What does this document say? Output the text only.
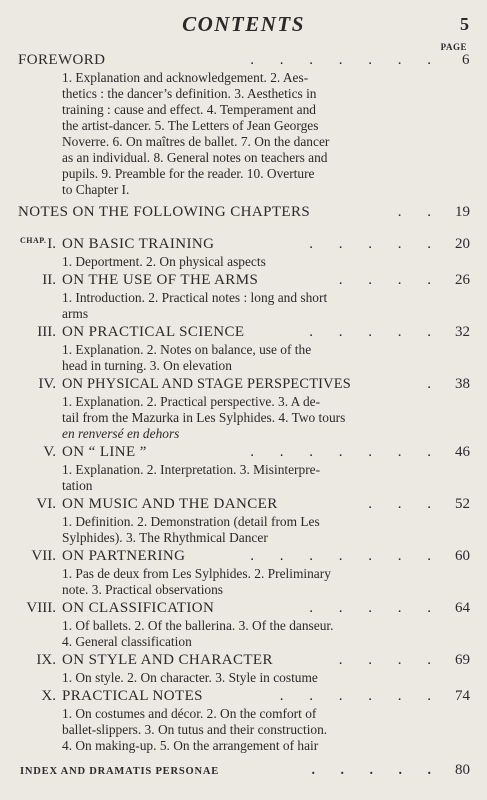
CONTENTS	5
PAGE
FOREWORD	. . . . . . .	6
1. Explanation and acknowledgement. 2. Aes-
thetics : the dancer’s definition. 3. Aesthetics in
training : cause and effect. 4. Temperament and
the artist-dancer. 5. The Letters of Jean Georges
Noverre. 6. On maîtres de ballet. 7. On the dancer
as an individual. 8. General notes on teachers and
pupils. 9. Preamble for the reader. 10. Overture
to Chapter I.
NOTES ON THE FOLLOWING CHAPTERS	. . 19
CHAP. I. ON BASIC TRAINING	. . . . . 20
1. Deportment. 2. On physical aspects
II. ON THE USE OF THE ARMS	. . . . 26
1. Introduction. 2. Practical notes : long and short
arms
III. ON PRACTICAL SCIENCE	. . . . . 32
1. Explanation. 2. Notes on balance, use of the
head in turning. 3. On elevation
IV. ON PHYSICAL AND STAGE PERSPECTIVES	. 38
1. Explanation. 2. Practical perspective. 3. A de-
tail from the Mazurka in Les Sylphides. 4. Two tours
en renversé en dehors
V. ON “ LINE ”	. . . . . . . 46
1. Explanation. 2. Interpretation. 3. Misinterpre-
tation
VI. ON MUSIC AND THE DANCER	. . . 52
1. Definition. 2. Demonstration (detail from Les
Sylphides). 3. The Rhythmical Dancer
VII. ON PARTNERING	. . . . . . . 60
1. Pas de deux from Les Sylphides. 2. Preliminary
note. 3. Practical observations
VIII. ON CLASSIFICATION	. . . . . 64
1. Of ballets. 2. Of the ballerina. 3. Of the danseur.
4. General classification
IX. ON STYLE AND CHARACTER	. . . . 69
1. On style. 2. On character. 3. Style in costume
X. PRACTICAL NOTES	. . . . . . 74
1. On costumes and décor. 2. On the comfort of
ballet-slippers. 3. On tutus and their construction.
4. On making-up. 5. On the arrangement of hair
INDEX AND DRAMATIS PERSONAE	. . . . . 80
